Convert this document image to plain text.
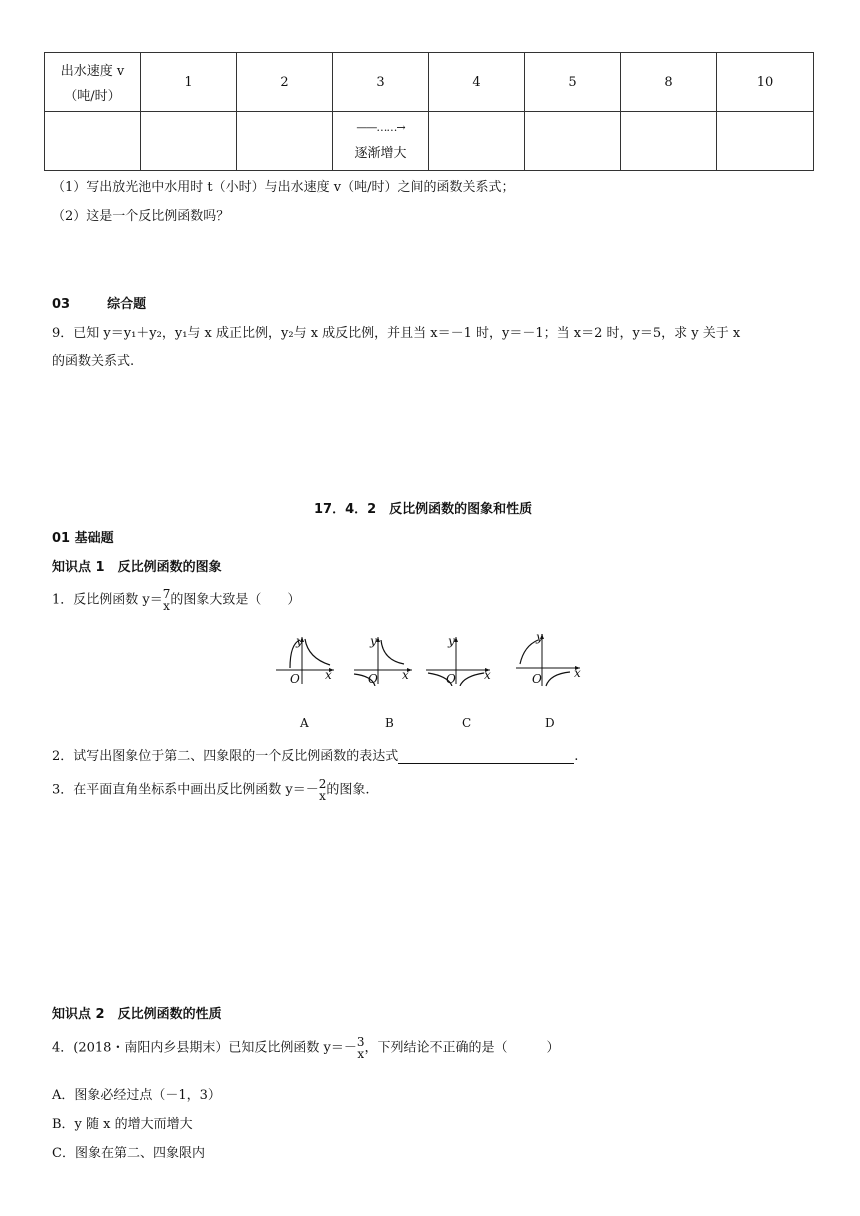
出水速度 v
（吨/时）	1	2	3	4	5	8	10

			——……→
逐渐增大				

（1）写出放光池中水用时 t（小时）与出水速度 v（吨/时）之间的函数关系式；
（2）这是一个反比例函数吗？
03	综合题
9．已知 y＝y₁＋y₂，y₁与 x 成正比例，y₂与 x 成反比例，并且当 x＝－1 时，y＝－1；当 x＝2 时，y＝5，求 y 关于 x
的函数关系式.
17．4．2　反比例函数的图象和性质
01 基础题
知识点 1　反比例函数的图象
1．反比例函数 y＝ 7
x 的图象大致是（　　）
y
x
O
A
y
x
O
B
y
x
O
C
y
x
O
D
2．试写出图象位于第二、四象限的一个反比例函数的表达式	.
3．在平面直角坐标系中画出反比例函数 y＝－ 2
x 的图象.
知识点 2　反比例函数的性质
4．(2018・南阳内乡县期末）已知反比例函数 y＝－ 3
x ，下列结论不正确的是（　　　）
A．图象必经过点（－1，3）
B．y 随 x 的增大而增大
C．图象在第二、四象限内
